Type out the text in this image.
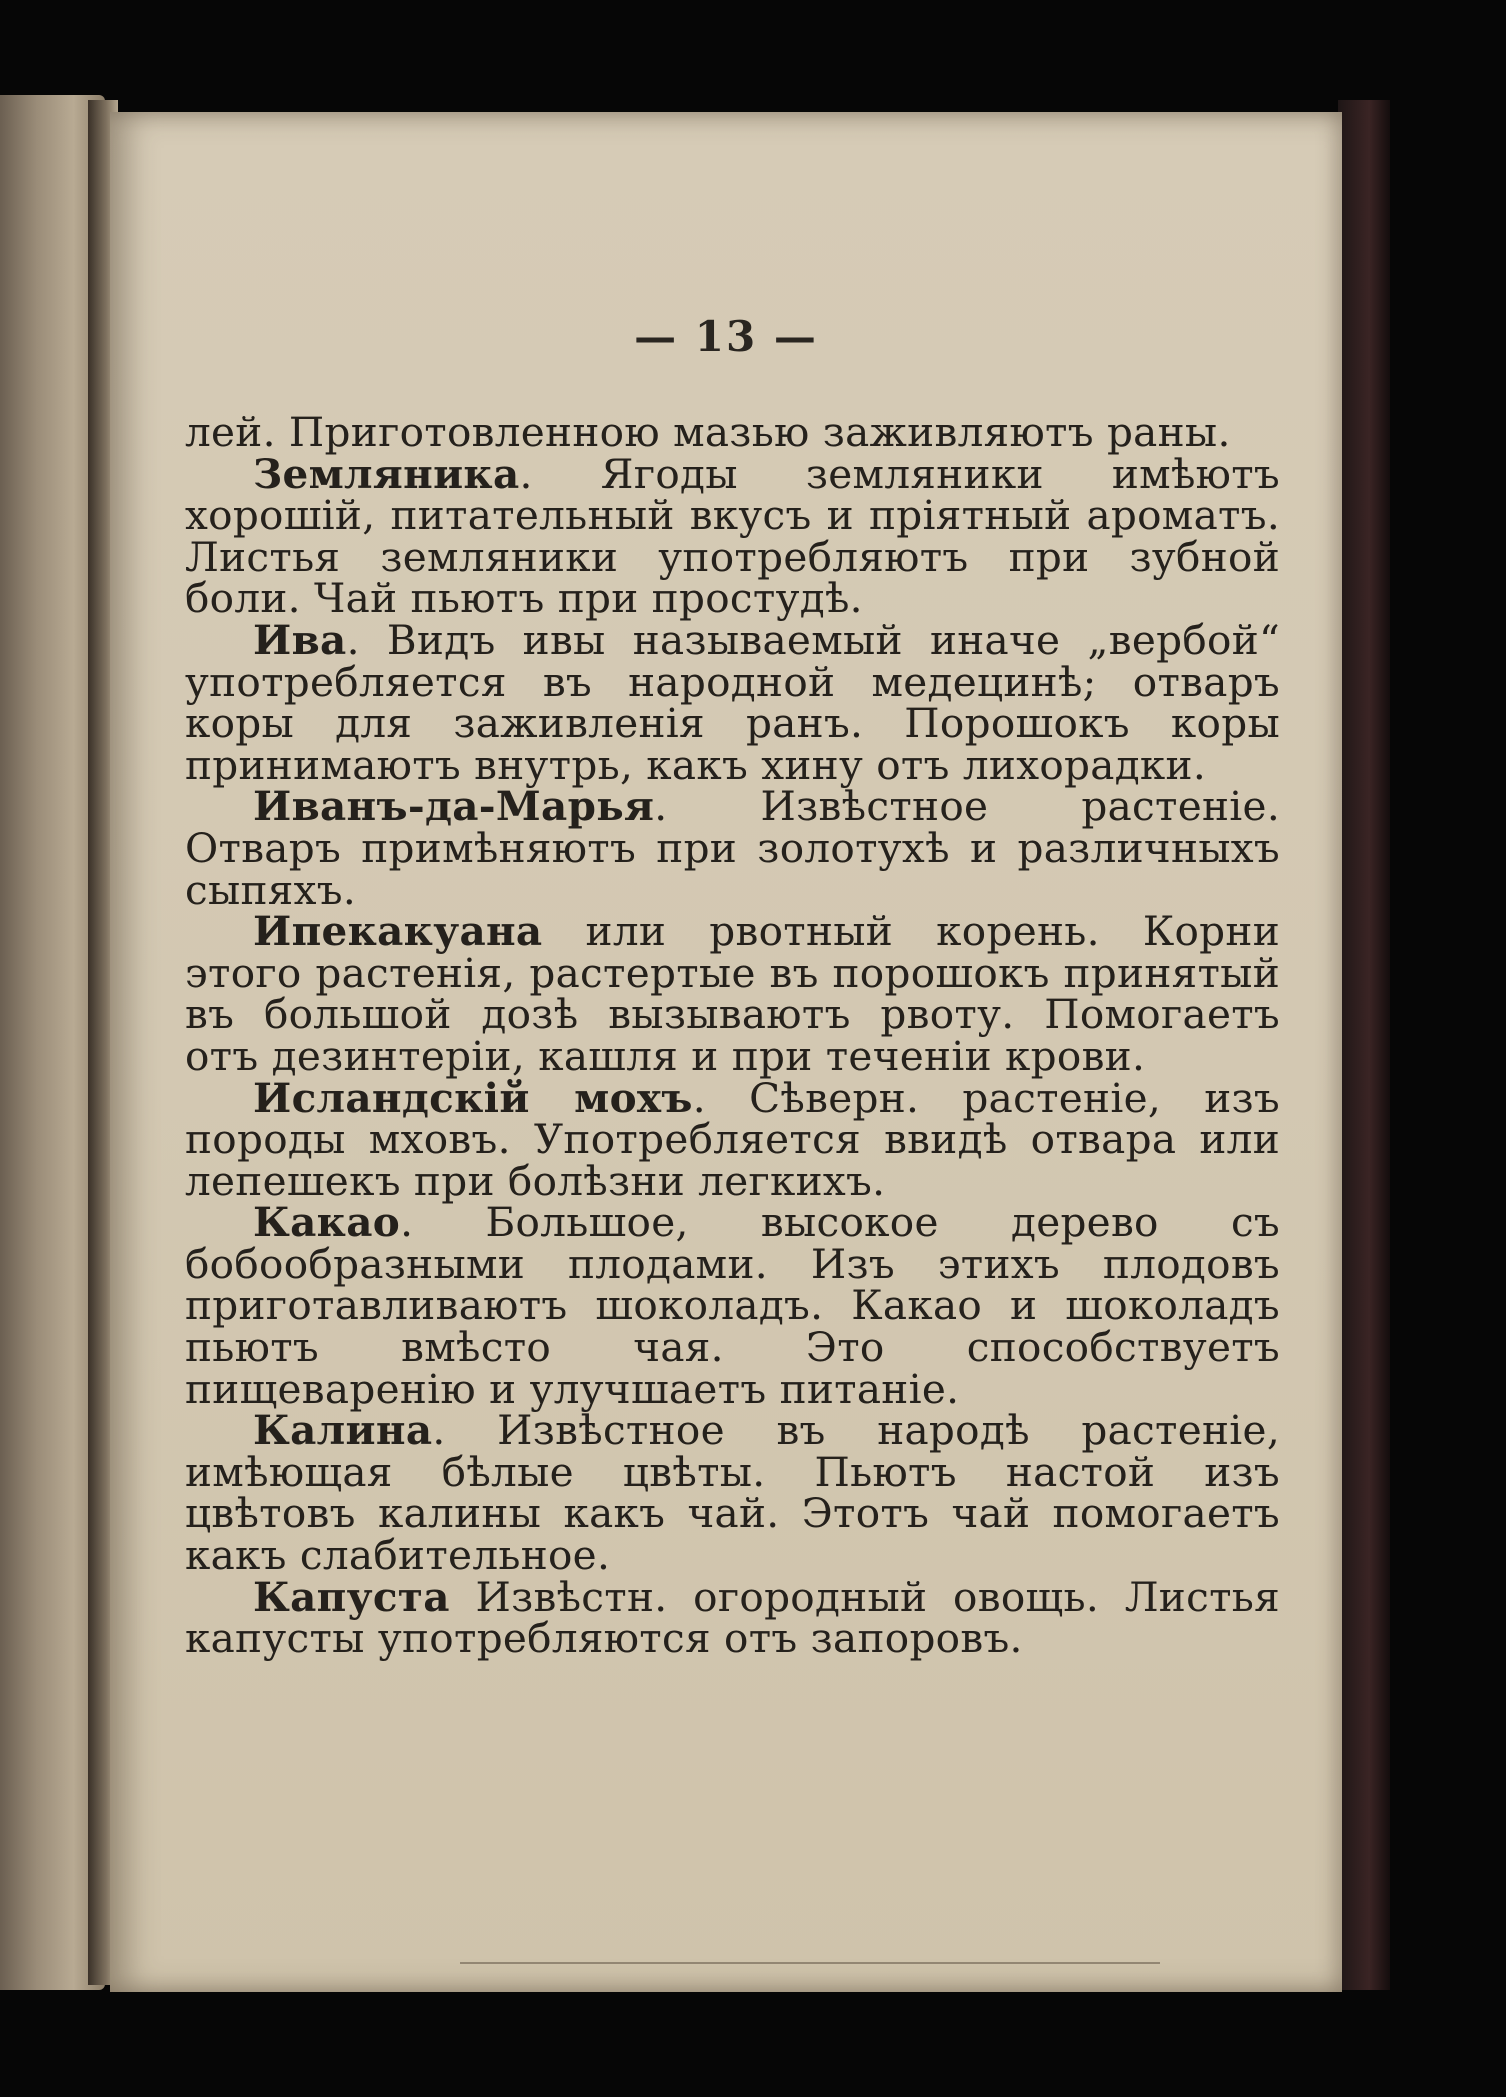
— 13 —

лей. Приготовленною мазью заживляютъ раны.

Земляника. Ягоды земляники имѣютъ хорошій, питательный вкусъ и пріятный ароматъ. Листья земляники употребляютъ при зубной боли. Чай пьютъ при простудѣ.

Ива. Видъ ивы называемый иначе „вербой“ употребляется въ народной медецинѣ; отваръ коры для заживленія ранъ. Порошокъ коры принимаютъ внутрь, какъ хину отъ лихорадки.

Иванъ-да-Марья. Извѣстное растеніе. Отваръ примѣняютъ при золотухѣ и различныхъ сыпяхъ.

Ипекакуана или рвотный корень. Корни этого растенія, растертые въ порошокъ принятый въ большой дозѣ вызываютъ рвоту. Помогаетъ отъ дезинтеріи, кашля и при теченіи крови.

Исландскій мохъ. Сѣверн. растеніе, изъ породы мховъ. Употребляется ввидѣ отвара или лепешекъ при болѣзни легкихъ.

Какао. Большое, высокое дерево съ бобообразными плодами. Изъ этихъ плодовъ приготавливаютъ шоколадъ. Какао и шоколадъ пьютъ вмѣсто чая. Это способствуетъ пищеваренію и улучшаетъ питаніе.

Калина. Извѣстное въ народѣ растеніе, имѣющая бѣлые цвѣты. Пьютъ настой изъ цвѣтовъ калины какъ чай. Этотъ чай помогаетъ какъ слабительное.

Капуста Извѣстн. огородный овощь. Листья капусты употребляются отъ запоровъ.
